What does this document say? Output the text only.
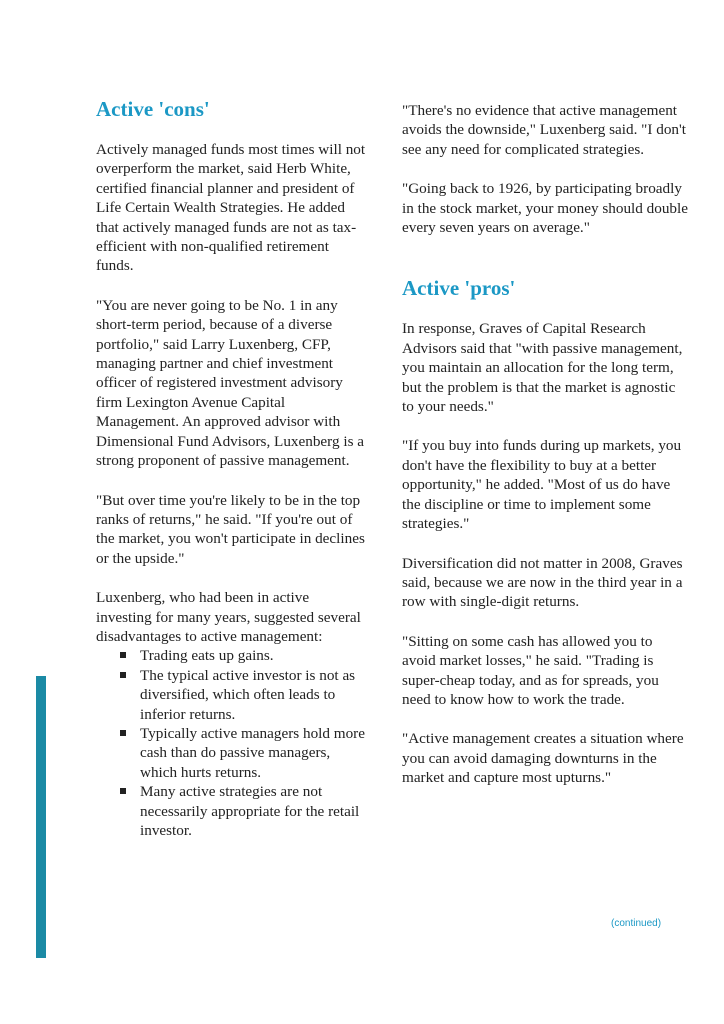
Active 'cons'

Actively managed funds most times will not overperform the market, said Herb White, certified financial planner and president of Life Certain Wealth Strategies. He added that actively managed funds are not as tax-efficient with non-qualified retirement funds.

"You are never going to be No. 1 in any short-term period, because of a diverse portfolio," said Larry Luxenberg, CFP, managing partner and chief investment officer of registered investment advisory firm Lexington Avenue Capital Management. An approved advisor with Dimensional Fund Advisors, Luxenberg is a strong proponent of passive management.

"But over time you're likely to be in the top ranks of returns," he said. "If you're out of the market, you won't participate in declines or the upside."

Luxenberg, who had been in active investing for many years, suggested several disadvantages to active management:

Trading eats up gains.
The typical active investor is not as diversified, which often leads to inferior returns.
Typically active managers hold more cash than do passive managers, which hurts returns.
Many active strategies are not necessarily appropriate for the retail investor.

"There's no evidence that active management avoids the downside," Luxenberg said. "I don't see any need for complicated strategies.

"Going back to 1926, by participating broadly in the stock market, your money should double every seven years on average."

Active 'pros'

In response, Graves of Capital Research Advisors said that "with passive management, you maintain an allocation for the long term, but the problem is that the market is agnostic to your needs."

"If you buy into funds during up markets, you don't have the flexibility to buy at a better opportunity," he added. "Most of us do have the discipline or time to implement some strategies."

Diversification did not matter in 2008, Graves said, because we are now in the third year in a row with single-digit returns.

"Sitting on some cash has allowed you to avoid market losses," he said. "Trading is super-cheap today, and as for spreads, you need to know how to work the trade.

"Active management creates a situation where you can avoid damaging downturns in the market and capture most upturns."

(continued)
